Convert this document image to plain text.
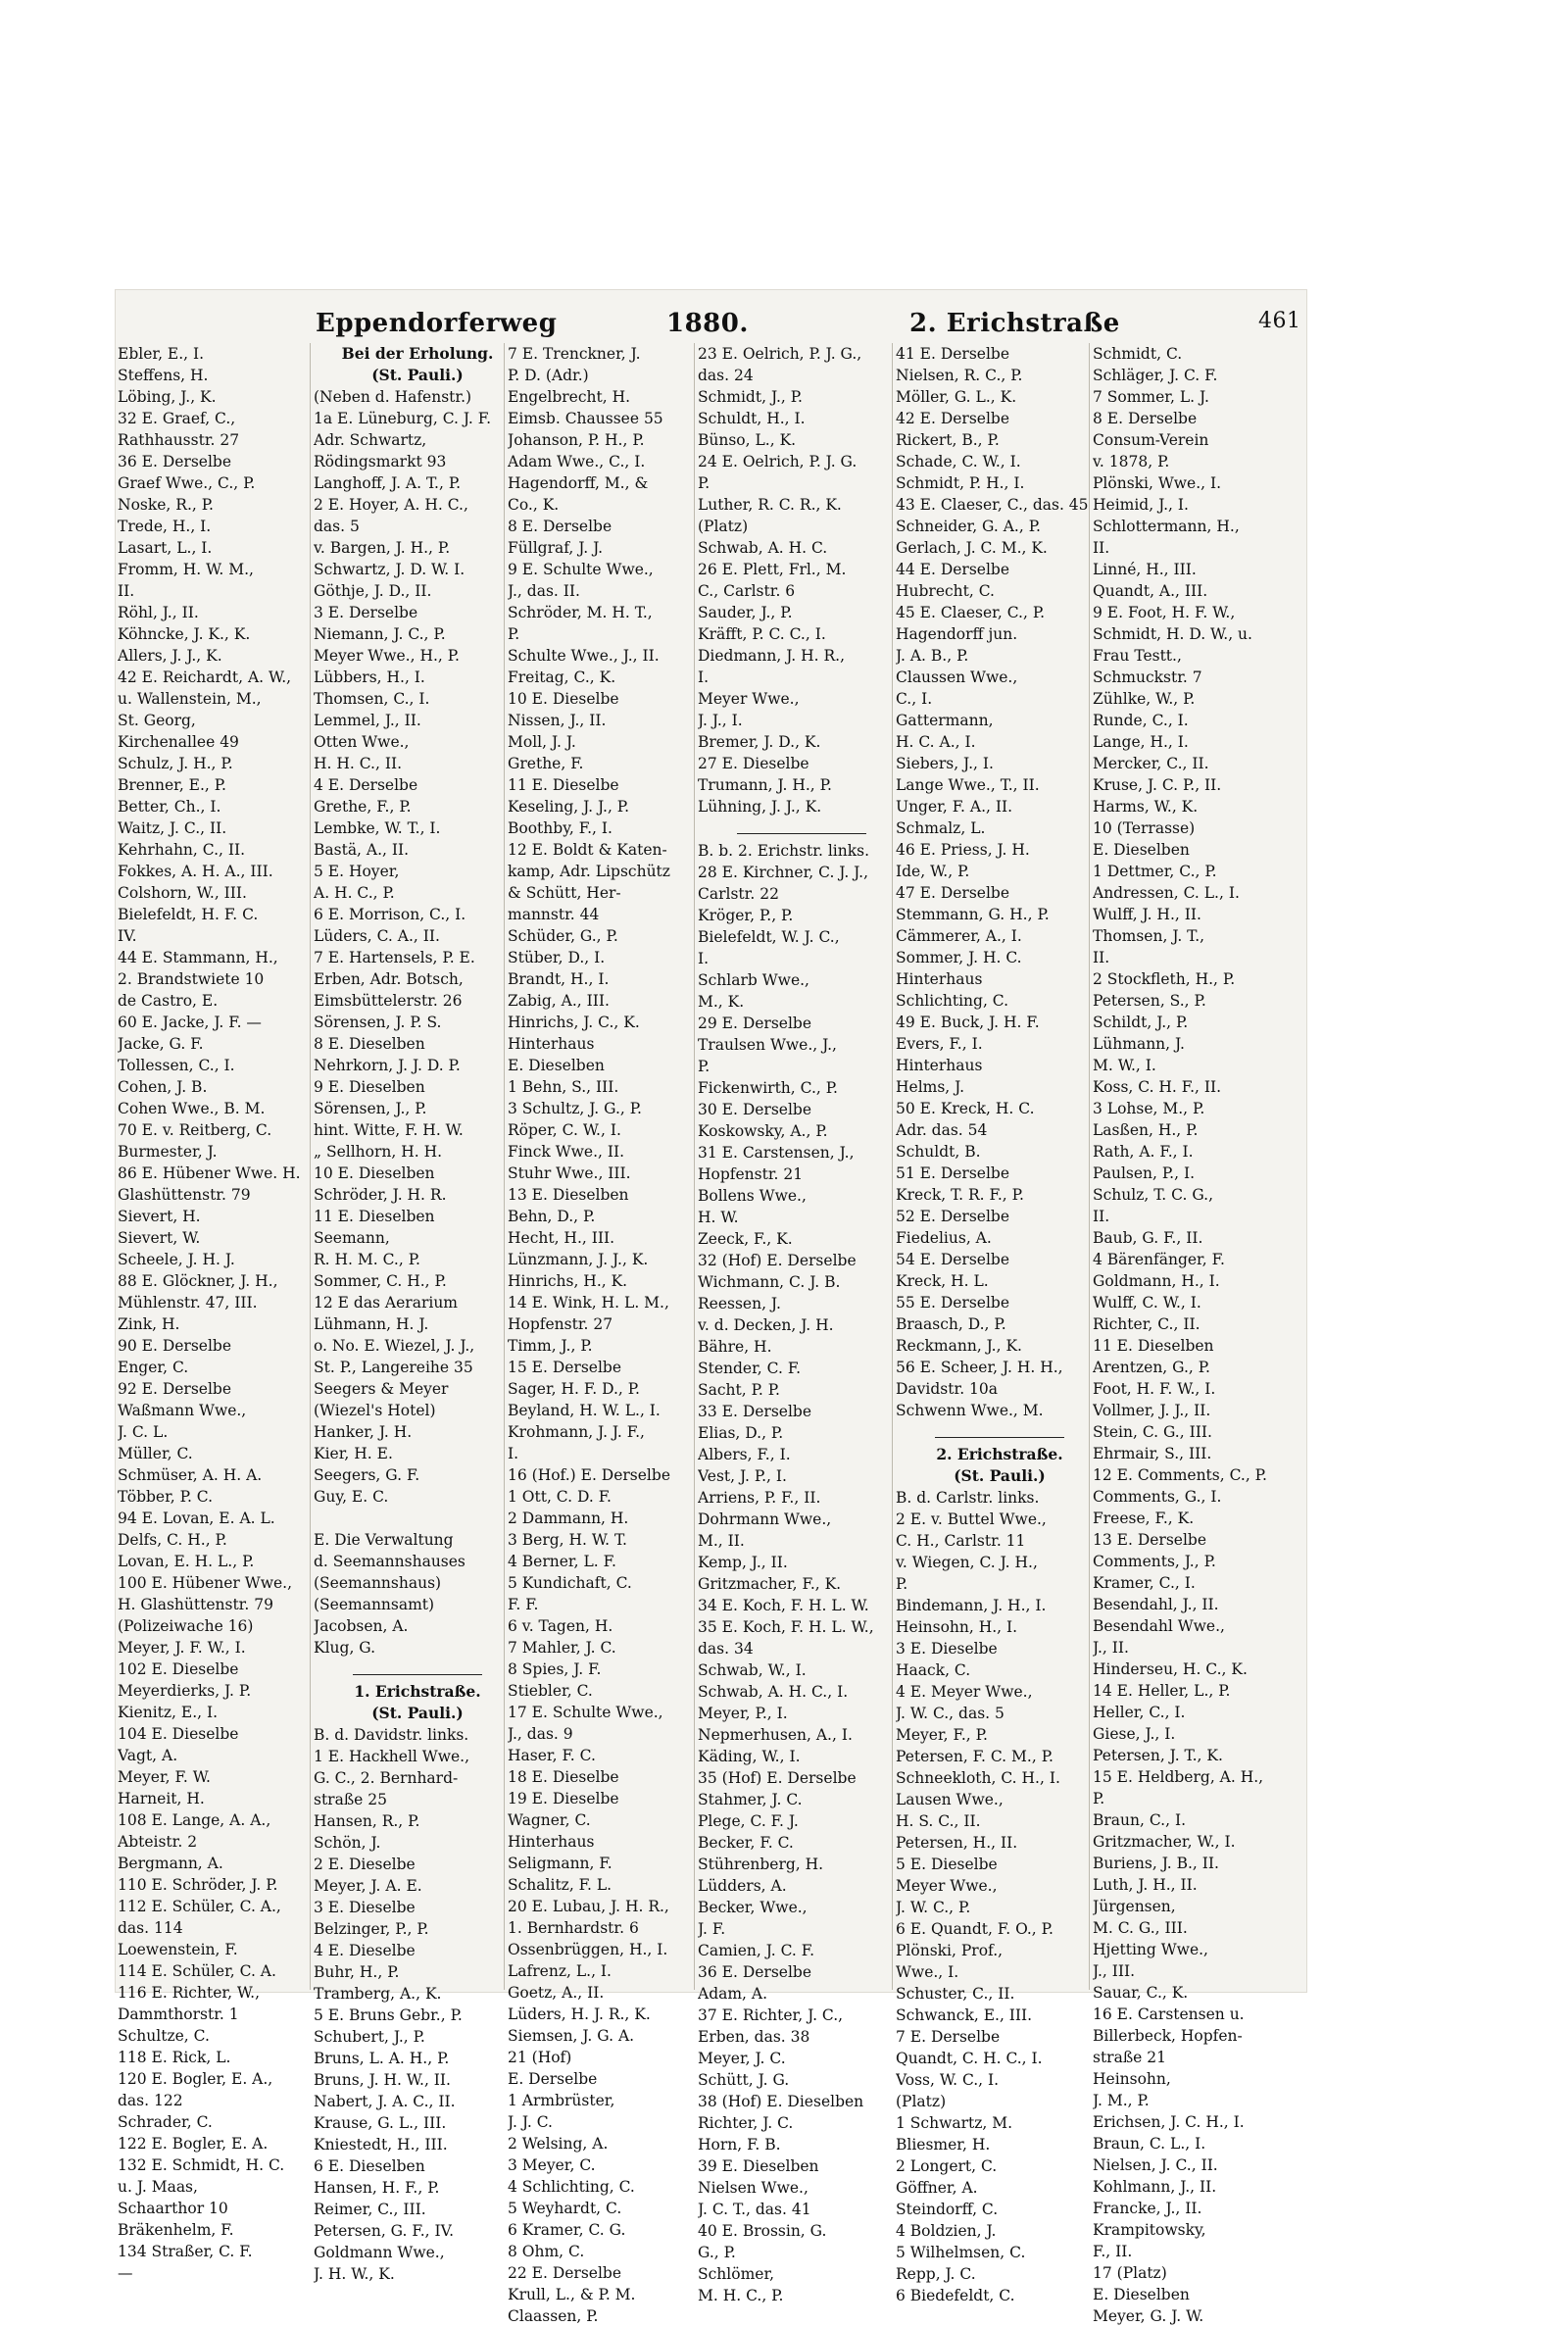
Eppendorferweg	1880.	2. Erichstraße	461
Ebler, E., I.
Steffens, H.
Löbing, J., K.
32 E. Graef, C.,
Rathhausstr. 27
36 E. Derselbe
Graef Wwe., C., P.
Noske, R., P.
Trede, H., I.
Lasart, L., I.
Fromm, H. W. M.,
II.
Röhl, J., II.
Köhncke, J. K., K.
Allers, J. J., K.
42 E. Reichardt, A. W.,
u. Wallenstein, M.,
St. Georg,
Kirchenallee 49
Schulz, J. H., P.
Brenner, E., P.
Better, Ch., I.
Waitz, J. C., II.
Kehrhahn, C., II.
Fokkes, A. H. A., III.
Colshorn, W., III.
Bielefeldt, H. F. C.
IV.
44 E. Stammann, H.,
2. Brandstwiete 10
de Castro, E.
60 E. Jacke, J. F. —
Jacke, G. F.
Tollessen, C., I.
Cohen, J. B.
Cohen Wwe., B. M.
70 E. v. Reitberg, C.
Burmester, J.
86 E. Hübener Wwe. H.
Glashüttenstr. 79
Sievert, H.
Sievert, W.
Scheele, J. H. J.
88 E. Glöckner, J. H.,
Mühlenstr. 47, III.
Zink, H.
90 E. Derselbe
Enger, C.
92 E. Derselbe
Waßmann Wwe.,
J. C. L.
Müller, C.
Schmüser, A. H. A.
Többer, P. C.
94 E. Lovan, E. A. L.
Delfs, C. H., P.
Lovan, E. H. L., P.
100 E. Hübener Wwe.,
H. Glashüttenstr. 79
(Polizeiwache 16)
Meyer, J. F. W., I.
102 E. Dieselbe
Meyerdierks, J. P.
Kienitz, E., I.
104 E. Dieselbe
Vagt, A.
Meyer, F. W.
Harneit, H.
108 E. Lange, A. A.,
Abteistr. 2
Bergmann, A.
110 E. Schröder, J. P.
112 E. Schüler, C. A.,
das. 114
Loewenstein, F.
114 E. Schüler, C. A.
116 E. Richter, W.,
Dammthorstr. 1
Schultze, C.
118 E. Rick, L.
120 E. Bogler, E. A.,
das. 122
Schrader, C.
122 E. Bogler, E. A.
132 E. Schmidt, H. C.
u. J. Maas,
Schaarthor 10
Bräkenhelm, F.
134 Straßer, C. F.
—
Bei der Erholung.
(St. Pauli.)
(Neben d. Hafenstr.)
1a E. Lüneburg, C. J. F.
Adr. Schwartz,
Rödingsmarkt 93
Langhoff, J. A. T., P.
2 E. Hoyer, A. H. C.,
das. 5
v. Bargen, J. H., P.
Schwartz, J. D. W. I.
Göthje, J. D., II.
3 E. Derselbe
Niemann, J. C., P.
Meyer Wwe., H., P.
Lübbers, H., I.
Thomsen, C., I.
Lemmel, J., II.
Otten Wwe.,
H. H. C., II.
4 E. Derselbe
Grethe, F., P.
Lembke, W. T., I.
Bastä, A., II.
5 E. Hoyer,
A. H. C., P.
6 E. Morrison, C., I.
Lüders, C. A., II.
7 E. Hartensels, P. E.
Erben, Adr. Botsch,
Eimsbüttelerstr. 26
Sörensen, J. P. S.
8 E. Dieselben
Nehrkorn, J. J. D. P.
9 E. Dieselben
Sörensen, J., P.
hint. Witte, F. H. W.
„ Sellhorn, H. H.
10 E. Dieselben
Schröder, J. H. R.
11 E. Dieselben
Seemann,
R. H. M. C., P.
Sommer, C. H., P.
12 E das Aerarium
Lühmann, H. J.
o. No. E. Wiezel, J. J.,
St. P., Langereihe 35
Seegers & Meyer
(Wiezel's Hotel)
Hanker, J. H.
Kier, H. E.
Seegers, G. F.
Guy, E. C.
E. Die Verwaltung
d. Seemannshauses
(Seemannshaus)
(Seemannsamt)
Jacobsen, A.
Klug, G.
1. Erichstraße.
(St. Pauli.)
B. d. Davidstr. links.
1 E. Hackhell Wwe.,
G. C., 2. Bernhard-
straße 25
Hansen, R., P.
Schön, J.
2 E. Dieselbe
Meyer, J. A. E.
3 E. Dieselbe
Belzinger, P., P.
4 E. Dieselbe
Buhr, H., P.
Tramberg, A., K.
5 E. Bruns Gebr., P.
Schubert, J., P.
Bruns, L. A. H., P.
Bruns, J. H. W., II.
Nabert, J. A. C., II.
Krause, G. L., III.
Kniestedt, H., III.
6 E. Dieselben
Hansen, H. F., P.
Reimer, C., III.
Petersen, G. F., IV.
Goldmann Wwe.,
J. H. W., K.
7 E. Trenckner, J.
P. D. (Adr.)
Engelbrecht, H.
Eimsb. Chaussee 55
Johanson, P. H., P.
Adam Wwe., C., I.
Hagendorff, M., &
Co., K.
8 E. Derselbe
Füllgraf, J. J.
9 E. Schulte Wwe.,
J., das. II.
Schröder, M. H. T.,
P.
Schulte Wwe., J., II.
Freitag, C., K.
10 E. Dieselbe
Nissen, J., II.
Moll, J. J.
Grethe, F.
11 E. Dieselbe
Keseling, J. J., P.
Boothby, F., I.
12 E. Boldt & Katen-
kamp, Adr. Lipschütz
& Schütt, Her-
mannstr. 44
Schüder, G., P.
Stüber, D., I.
Brandt, H., I.
Zabig, A., III.
Hinrichs, J. C., K.
Hinterhaus
E. Dieselben
1 Behn, S., III.
3 Schultz, J. G., P.
Röper, C. W., I.
Finck Wwe., II.
Stuhr Wwe., III.
13 E. Dieselben
Behn, D., P.
Hecht, H., III.
Lünzmann, J. J., K.
Hinrichs, H., K.
14 E. Wink, H. L. M.,
Hopfenstr. 27
Timm, J., P.
15 E. Derselbe
Sager, H. F. D., P.
Beyland, H. W. L., I.
Krohmann, J. J. F.,
I.
16 (Hof.) E. Derselbe
1 Ott, C. D. F.
2 Dammann, H.
3 Berg, H. W. T.
4 Berner, L. F.
5 Kundichaft, C.
F. F.
6 v. Tagen, H.
7 Mahler, J. C.
8 Spies, J. F.
Stiebler, C.
17 E. Schulte Wwe.,
J., das. 9
Haser, F. C.
18 E. Dieselbe
19 E. Dieselbe
Wagner, C.
Hinterhaus
Seligmann, F.
Schalitz, F. L.
20 E. Lubau, J. H. R.,
1. Bernhardstr. 6
Ossenbrüggen, H., I.
Lafrenz, L., I.
Goetz, A., II.
Lüders, H. J. R., K.
Siemsen, J. G. A.
21 (Hof)
E. Derselbe
1 Armbrüster,
J. J. C.
2 Welsing, A.
3 Meyer, C.
4 Schlichting, C.
5 Weyhardt, C.
6 Kramer, C. G.
8 Ohm, C.
22 E. Derselbe
Krull, L., & P. M.
Claassen, P.
23 E. Oelrich, P. J. G.,
das. 24
Schmidt, J., P.
Schuldt, H., I.
Bünso, L., K.
24 E. Oelrich, P. J. G.
P.
Luther, R. C. R., K.
(Platz)
Schwab, A. H. C.
26 E. Plett, Frl., M.
C., Carlstr. 6
Sauder, J., P.
Kräfft, P. C. C., I.
Diedmann, J. H. R.,
I.
Meyer Wwe.,
J. J., I.
Bremer, J. D., K.
27 E. Dieselbe
Trumann, J. H., P.
Lühning, J. J., K.
B. b. 2. Erichstr. links.
28 E. Kirchner, C. J. J.,
Carlstr. 22
Kröger, P., P.
Bielefeldt, W. J. C.,
I.
Schlarb Wwe.,
M., K.
29 E. Derselbe
Traulsen Wwe., J.,
P.
Fickenwirth, C., P.
30 E. Derselbe
Koskowsky, A., P.
31 E. Carstensen, J.,
Hopfenstr. 21
Bollens Wwe.,
H. W.
Zeeck, F., K.
32 (Hof) E. Derselbe
Wichmann, C. J. B.
Reessen, J.
v. d. Decken, J. H.
Bähre, H.
Stender, C. F.
Sacht, P. P.
33 E. Derselbe
Elias, D., P.
Albers, F., I.
Vest, J. P., I.
Arriens, P. F., II.
Dohrmann Wwe.,
M., II.
Kemp, J., II.
Gritzmacher, F., K.
34 E. Koch, F. H. L. W.
35 E. Koch, F. H. L. W.,
das. 34
Schwab, W., I.
Schwab, A. H. C., I.
Meyer, P., I.
Nepmerhusen, A., I.
Käding, W., I.
35 (Hof) E. Derselbe
Stahmer, J. C.
Plege, C. F. J.
Becker, F. C.
Stührenberg, H.
Lüdders, A.
Becker, Wwe.,
J. F.
Camien, J. C. F.
36 E. Derselbe
Adam, A.
37 E. Richter, J. C.,
Erben, das. 38
Meyer, J. C.
Schütt, J. G.
38 (Hof) E. Dieselben
Richter, J. C.
Horn, F. B.
39 E. Dieselben
Nielsen Wwe.,
J. C. T., das. 41
40 E. Brossin, G.
G., P.
Schlömer,
M. H. C., P.
41 E. Derselbe
Nielsen, R. C., P.
Möller, G. L., K.
42 E. Derselbe
Rickert, B., P.
Schade, C. W., I.
Schmidt, P. H., I.
43 E. Claeser, C., das. 45
Schneider, G. A., P.
Gerlach, J. C. M., K.
44 E. Derselbe
Hubrecht, C.
45 E. Claeser, C., P.
Hagendorff jun.
J. A. B., P.
Claussen Wwe.,
C., I.
Gattermann,
H. C. A., I.
Siebers, J., I.
Lange Wwe., T., II.
Unger, F. A., II.
Schmalz, L.
46 E. Priess, J. H.
Ide, W., P.
47 E. Derselbe
Stemmann, G. H., P.
Cämmerer, A., I.
Sommer, J. H. C.
Hinterhaus
Schlichting, C.
49 E. Buck, J. H. F.
Evers, F., I.
Hinterhaus
Helms, J.
50 E. Kreck, H. C.
Adr. das. 54
Schuldt, B.
51 E. Derselbe
Kreck, T. R. F., P.
52 E. Derselbe
Fiedelius, A.
54 E. Derselbe
Kreck, H. L.
55 E. Derselbe
Braasch, D., P.
Reckmann, J., K.
56 E. Scheer, J. H. H.,
Davidstr. 10a
Schwenn Wwe., M.
2. Erichstraße.
(St. Pauli.)
B. d. Carlstr. links.
2 E. v. Buttel Wwe.,
C. H., Carlstr. 11
v. Wiegen, C. J. H.,
P.
Bindemann, J. H., I.
Heinsohn, H., I.
3 E. Dieselbe
Haack, C.
4 E. Meyer Wwe.,
J. W. C., das. 5
Meyer, F., P.
Petersen, F. C. M., P.
Schneekloth, C. H., I.
Lausen Wwe.,
H. S. C., II.
Petersen, H., II.
5 E. Dieselbe
Meyer Wwe.,
J. W. C., P.
6 E. Quandt, F. O., P.
Plönski, Prof.,
Wwe., I.
Schuster, C., II.
Schwanck, E., III.
7 E. Derselbe
Quandt, C. H. C., I.
Voss, W. C., I.
(Platz)
1 Schwartz, M.
Bliesmer, H.
2 Longert, C.
Göffner, A.
Steindorff, C.
4 Boldzien, J.
5 Wilhelmsen, C.
Repp, J. C.
6 Biedefeldt, C.
Schmidt, C.
Schläger, J. C. F.
7 Sommer, L. J.
8 E. Derselbe
Consum-Verein
v. 1878, P.
Plönski, Wwe., I.
Heimid, J., I.
Schlottermann, H.,
II.
Linné, H., III.
Quandt, A., III.
9 E. Foot, H. F. W.,
Schmidt, H. D. W., u.
Frau Testt.,
Schmuckstr. 7
Zühlke, W., P.
Runde, C., I.
Lange, H., I.
Mercker, C., II.
Kruse, J. C. P., II.
Harms, W., K.
10 (Terrasse)
E. Dieselben
1 Dettmer, C., P.
Andressen, C. L., I.
Wulff, J. H., II.
Thomsen, J. T.,
II.
2 Stockfleth, H., P.
Petersen, S., P.
Schildt, J., P.
Lühmann, J.
M. W., I.
Koss, C. H. F., II.
3 Lohse, M., P.
Lasßen, H., P.
Rath, A. F., I.
Paulsen, P., I.
Schulz, T. C. G.,
II.
Baub, G. F., II.
4 Bärenfänger, F.
Goldmann, H., I.
Wulff, C. W., I.
Richter, C., II.
11 E. Dieselben
Arentzen, G., P.
Foot, H. F. W., I.
Vollmer, J. J., II.
Stein, C. G., III.
Ehrmair, S., III.
12 E. Comments, C., P.
Comments, G., I.
Freese, F., K.
13 E. Derselbe
Comments, J., P.
Kramer, C., I.
Besendahl, J., II.
Besendahl Wwe.,
J., II.
Hinderseu, H. C., K.
14 E. Heller, L., P.
Heller, C., I.
Giese, J., I.
Petersen, J. T., K.
15 E. Heldberg, A. H.,
P.
Braun, C., I.
Gritzmacher, W., I.
Buriens, J. B., II.
Luth, J. H., II.
Jürgensen,
M. C. G., III.
Hjetting Wwe.,
J., III.
Sauar, C., K.
16 E. Carstensen u.
Billerbeck, Hopfen-
straße 21
Heinsohn,
J. M., P.
Erichsen, J. C. H., I.
Braun, C. L., I.
Nielsen, J. C., II.
Kohlmann, J., II.
Francke, J., II.
Krampitowsky,
F., II.
17 (Platz)
E. Dieselben
Meyer, G. J. W.
